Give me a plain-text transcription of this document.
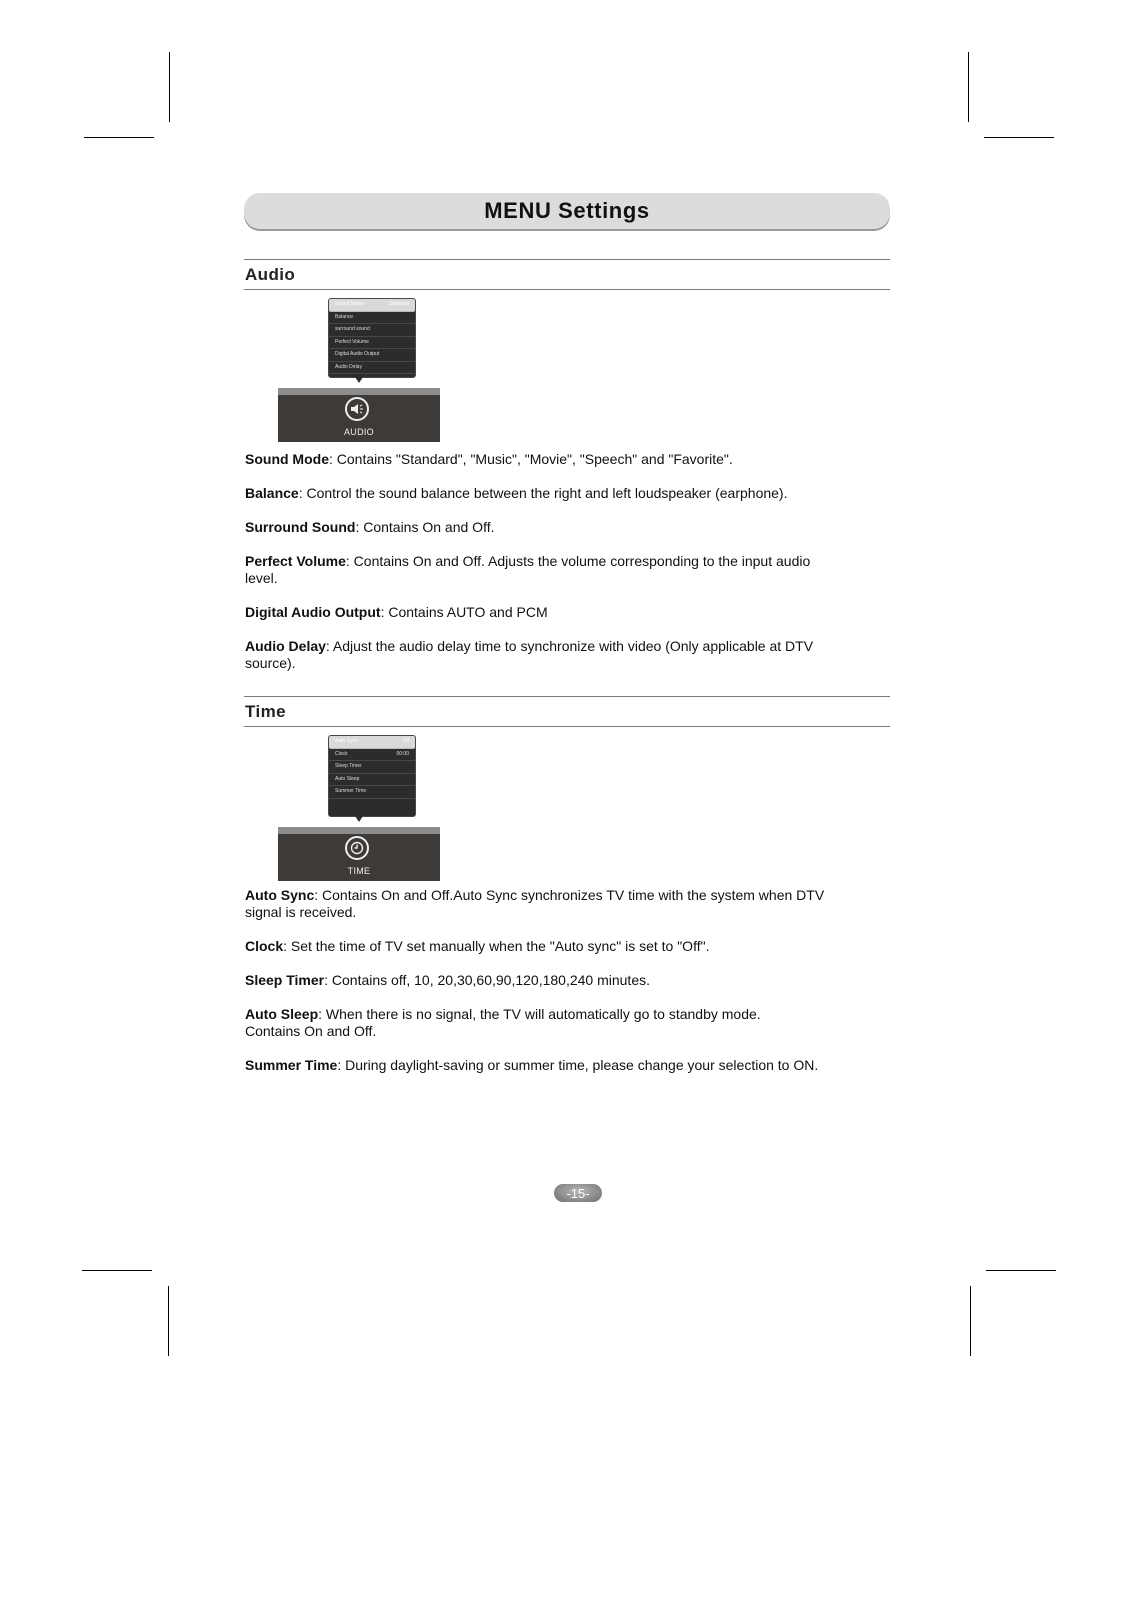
MENU Settings
Audio
Sound Mode	Standard
Balance
surround sound
Perfect Volume
Digital Audio Output
Audio Delay
AUDIO
Sound Mode: Contains "Standard", "Music", "Movie", "Speech" and "Favorite".
Balance: Control the sound balance between the right and left loudspeaker (earphone).
Surround Sound: Contains On and Off.
Perfect Volume: Contains On and Off. Adjusts the volume corresponding to the input audio level.
Digital Audio Output: Contains AUTO and PCM
Audio Delay: Adjust the audio delay time to synchronize with video (Only applicable at DTV source).
Time
Auto Sync	Off
Clock	00:00
Sleep Timer
Auto Sleep
Summer Time
TIME
Auto Sync: Contains On and Off.Auto Sync synchronizes TV time with the system when DTV signal is received.
Clock: Set the time of TV set manually when the "Auto sync" is set to "Off".
Sleep Timer: Contains off, 10, 20,30,60,90,120,180,240 minutes.
Auto Sleep: When there is no signal, the TV will automatically go to standby mode. Contains On and Off.
Summer Time: During daylight-saving or summer time, please change your selection to ON.
-15-
